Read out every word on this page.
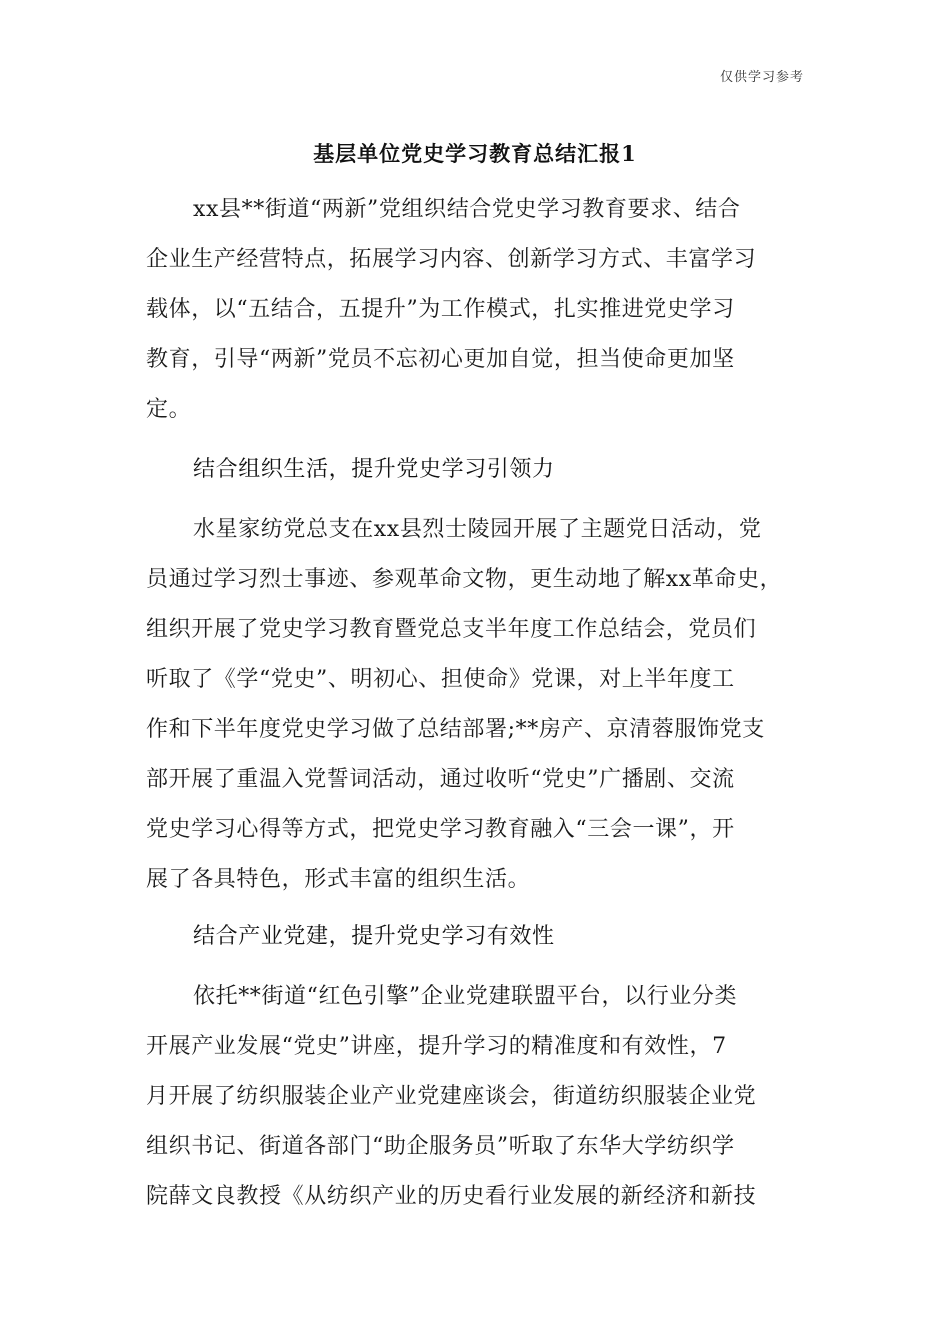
仅供学习参考
基层单位党史学习教育总结汇报1
xx县**街道“两新”党组织结合党史学习教育要求、结合
企业生产经营特点，拓展学习内容、创新学习方式、丰富学习
载体，以“五结合，五提升”为工作模式，扎实推进党史学习
教育，引导“两新”党员不忘初心更加自觉，担当使命更加坚
定。
结合组织生活，提升党史学习引领力
水星家纺党总支在xx县烈士陵园开展了主题党日活动，党
员通过学习烈士事迹、参观革命文物，更生动地了解xx革命史，
组织开展了党史学习教育暨党总支半年度工作总结会，党员们
听取了《学“党史”、明初心、担使命》党课，对上半年度工
作和下半年度党史学习做了总结部署;**房产、京清蓉服饰党支
部开展了重温入党誓词活动，通过收听“党史”广播剧、交流
党史学习心得等方式，把党史学习教育融入“三会一课”，开
展了各具特色，形式丰富的组织生活。
结合产业党建，提升党史学习有效性
依托**街道“红色引擎”企业党建联盟平台，以行业分类
开展产业发展“党史”讲座，提升学习的精准度和有效性，7
月开展了纺织服装企业产业党建座谈会，街道纺织服装企业党
组织书记、街道各部门“助企服务员”听取了东华大学纺织学
院薛文良教授《从纺织产业的历史看行业发展的新经济和新技
